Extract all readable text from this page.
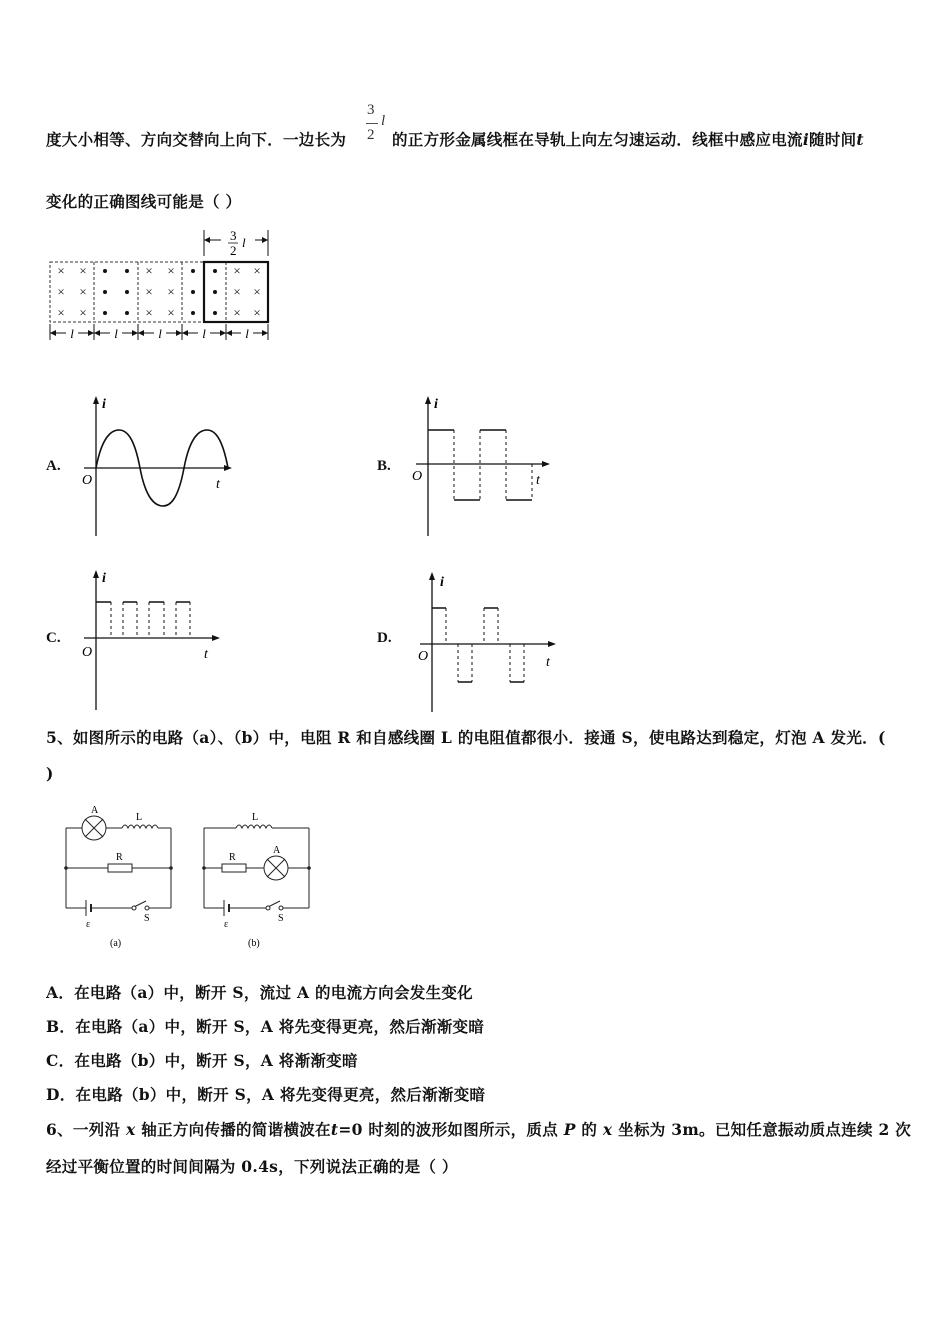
度大小相等、方向交替向上向下．一边长为
3
2
l
的正方形金属线框在导轨上向左匀速运动．线框中感应电流i随时间t
变化的正确图线可能是（ ）
3
2
l
× ×
× ×
× ×
× ×
× ×
× ×
× ×
× ×
× ×
l	l	l	l	l
A.	B.
C.	D.
i
t
O
i
t
O
i
t
O
i
t
O
5、如图所示的电路（a）、（b）中，电阻 R 和自感线圈 L 的电阻值都很小．接通 S，使电路达到稳定，灯泡 A 发光．(
)
A
L
R
ε
S
(a)
A
L
R
ε
S
(b)
A．在电路（a）中，断开 S，流过 A 的电流方向会发生变化
B．在电路（a）中，断开 S，A 将先变得更亮，然后渐渐变暗
C．在电路（b）中，断开 S，A 将渐渐变暗
D．在电路（b）中，断开 S，A 将先变得更亮，然后渐渐变暗
6、一列沿 x 轴正方向传播的简谐横波在t=0 时刻的波形如图所示，质点 P 的 x 坐标为 3m。已知任意振动质点连续 2 次
经过平衡位置的时间间隔为 0.4s，下列说法正确的是（ ）
